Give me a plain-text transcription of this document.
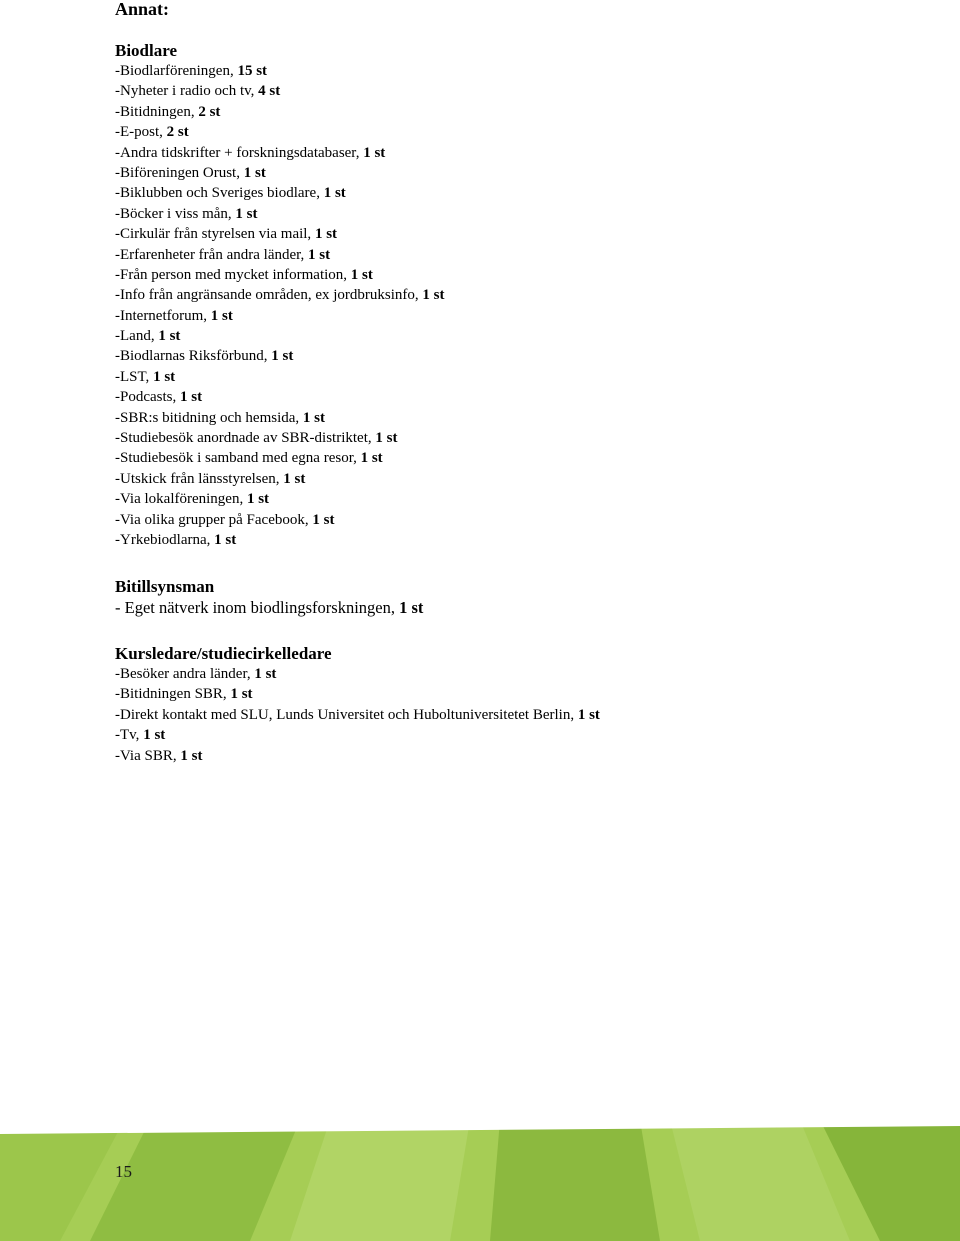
Annat:
Biodlare
-Biodlarföreningen, 15 st
-Nyheter i radio och tv, 4 st
-Bitidningen, 2 st
-E-post, 2 st
-Andra tidskrifter + forskningsdatabaser, 1 st
-Biföreningen Orust, 1 st
-Biklubben och Sveriges biodlare, 1 st
-Böcker i viss mån, 1 st
-Cirkulär från styrelsen via mail, 1 st
-Erfarenheter från andra länder, 1 st
-Från person med mycket information, 1 st
-Info från angränsande områden, ex jordbruksinfo, 1 st
-Internetforum, 1 st
-Land, 1 st
-Biodlarnas Riksförbund, 1 st
-LST, 1 st
-Podcasts, 1 st
-SBR:s bitidning och hemsida, 1 st
-Studiebesök anordnade av SBR-distriktet, 1 st
-Studiebesök i samband med egna resor, 1 st
-Utskick från länsstyrelsen, 1 st
-Via lokalföreningen, 1 st
-Via olika grupper på Facebook, 1 st
-Yrkebiodlarna, 1 st
Bitillsynsman
- Eget nätverk inom biodlingsforskningen, 1 st
Kursledare/studiecirkelledare
-Besöker andra länder, 1 st
-Bitidningen SBR, 1 st
-Direkt kontakt med SLU, Lunds Universitet och Huboltuniversitetet Berlin, 1 st
-Tv, 1 st
-Via SBR, 1 st
15
